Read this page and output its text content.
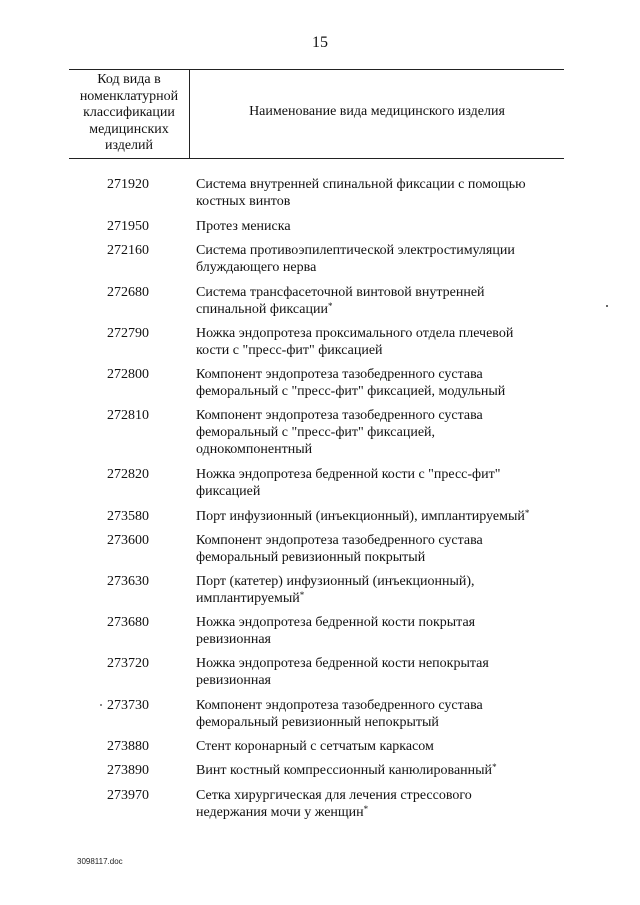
15
Код вида в
номенклатурной
классификации
медицинских
изделий
Наименование вида медицинского изделия
271920	Система внутренней спинальной фиксации с помощью
костных винтов
271950	Протез мениска
272160	Система противоэпилептической электростимуляции
блуждающего нерва
272680	Система трансфасеточной винтовой внутренней
спинальной фиксации*
272790	Ножка эндопротеза проксимального отдела плечевой
кости с "пресс-фит" фиксацией
272800	Компонент эндопротеза тазобедренного сустава
феморальный с "пресс-фит" фиксацией, модульный
272810	Компонент эндопротеза тазобедренного сустава
феморальный с "пресс-фит" фиксацией,
однокомпонентный
272820	Ножка эндопротеза бедренной кости с "пресс-фит"
фиксацией
273580	Порт инфузионный (инъекционный), имплантируемый*
273600	Компонент эндопротеза тазобедренного сустава
феморальный ревизионный покрытый
273630	Порт (катетер) инфузионный (инъекционный),
имплантируемый*
273680	Ножка эндопротеза бедренной кости покрытая
ревизионная
273720	Ножка эндопротеза бедренной кости непокрытая
ревизионная
273730	Компонент эндопротеза тазобедренного сустава
феморальный ревизионный непокрытый
273880	Стент коронарный с сетчатым каркасом
273890	Винт костный компрессионный канюлированный*
273970	Сетка хирургическая для лечения стрессового
недержания мочи у женщин*
3098117.doc
